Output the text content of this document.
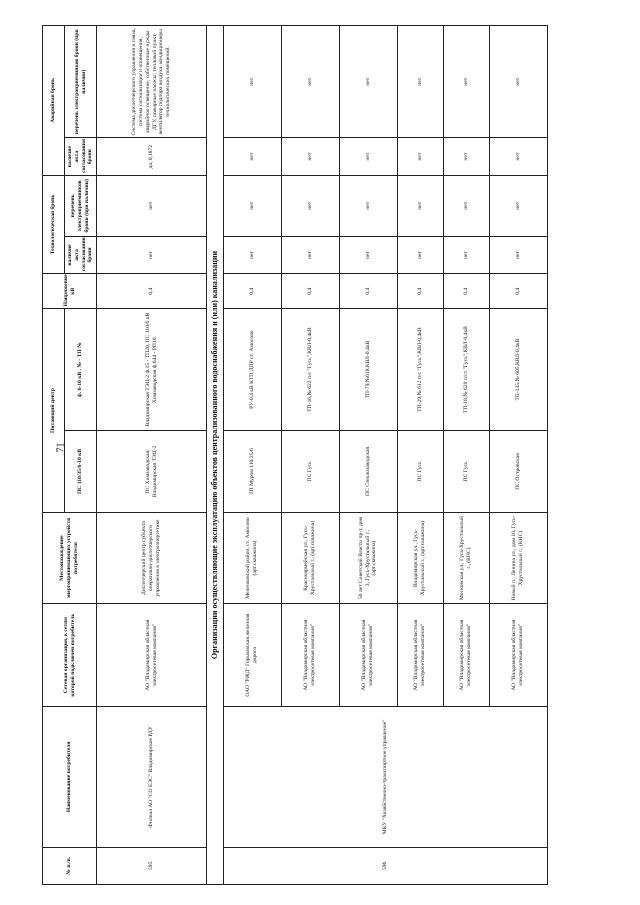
71
№ п./п.	Наименование потребителя	Сетевая организация, к сетям которой подключен потребитель	Местонахождение энергопринимающих устройств потребителя	Питающий центр		Напряжение, кВ	Технологическая бронь		Аварийная бронь	
				ПС 110/35/6-10 кВ	ф. 6-10 кВ , № - ТП №		наличие акта согласования брони	перечень электроприемников брони (при наличии)	наличие акта согласования брони	перечень электроприемников брони (при наличии)

595	Филиал АО "СО ЕЭС" Владимирское РДУ	АО "Владимирская областная электросетевая компания"	Диспетчерский центр субъекта оперативно-диспетчерского управления в электроэнергетике	ПС Химзаводская; Владимирская ТЭЦ-2	Владимирская ТЭЦ-2 ф.15 - ТП20, ПС 110/6 кВ Химзаводская ф.644 - РП10.	0,4	нет	нет	да, 0,1872	Система диспетчерского управления и связи, система сигнализации и оповещения, аварийное освещение, собственные нужды ДГУ, пожарные насосы, тепловой пункт, вентилятор подпора воздуха, кондиционеры технологических помещений.
Организации осуществляющие эксплуатацию объектов централизованного водоснабжения и (или) канализации										
596	МКУ "Хозяйственно-транспортное управление"	ОАО "РЖД" Горьковская железная дорога	Меленковский район, ст. Амосово (арт.скважина)	ТП Муром 110/25/6	РУ-0,4 кВ КТП ДПР ст. Амосово	0,4	нет	нет	нет	нет
		АО "Владимирская областная электросетевая компания"	Красноармейская ул., Гусь-Хрустальный г., (арт.скважина)	ПС Гусь	ТП-16,№ 622 п/с "Гусь",КВЛ-0,4кВ	0,4	нет	нет	нет	нет
		АО "Владимирская областная электросетевая компания"	50 лет Советской Власти пр-т, дом 3, Гусь-Хрустальный г., (арт.скважина)	ПС Стеклозаводская	ТП-79,№618,КВЛ-0,4кВ	0,4	нет	нет	нет	нет
		АО "Владимирская областная электросетевая компания"	Владимирская ул., Гусь-Хрустальный г., (арт.скважина)	ПС Гусь	ТП-29,№ 612 п/с "Гусь",КВЛ-0,4кВ	0,4	нет	нет	нет	нет
		АО "Владимирская областная электросетевая компания"	Московская ул., Гусь-Хрустальный г., (КНС)	ПС Гусь	ТП-18,№ 620 п/ст "Гусь",КВЛ-0,4кВ	0,4	нет	нет	нет	нет
		АО "Владимирская областная электросетевая компания"	Новый п., Ленина ул., дом 10, Гусь-Хрустальный г., (КНС)	ПС Островская	ТП-135,№ 605,КВЛ-0,4кВ	0,4	нет	нет	нет	нет
